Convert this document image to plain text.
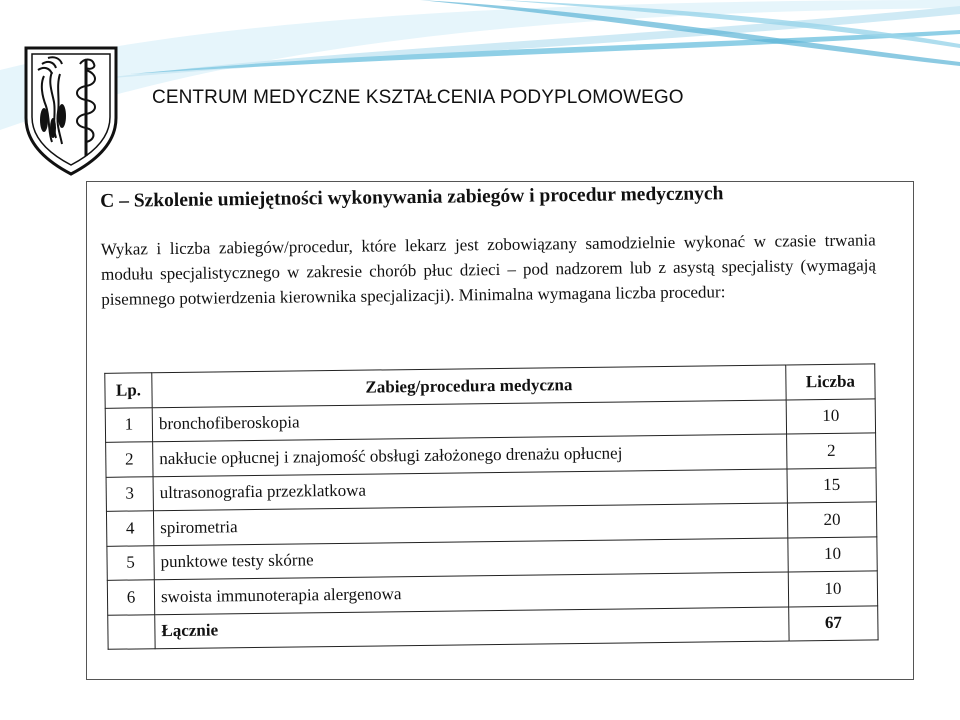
CENTRUM MEDYCZNE KSZTAŁCENIA PODYPLOMOWEGO
C – Szkolenie umiejętności wykonywania zabiegów i procedur medycznych
Wykaz i liczba zabiegów/procedur, które lekarz jest zobowiązany samodzielnie wykonać w czasie trwania modułu specjalistycznego w zakresie chorób płuc dzieci – pod nadzorem lub z asystą specjalisty (wymagają pisemnego potwierdzenia kierownika specjalizacji). Minimalna wymagana liczba procedur:
Lp.	Zabieg/procedura medyczna	Liczba
1	bronchofiberoskopia	10
2	nakłucie opłucnej i znajomość obsługi założonego drenażu opłucnej	2
3	ultrasonografia przezklatkowa	15
4	spirometria	20
5	punktowe testy skórne	10
6	swoista immunoterapia alergenowa	10
	Łącznie	67
